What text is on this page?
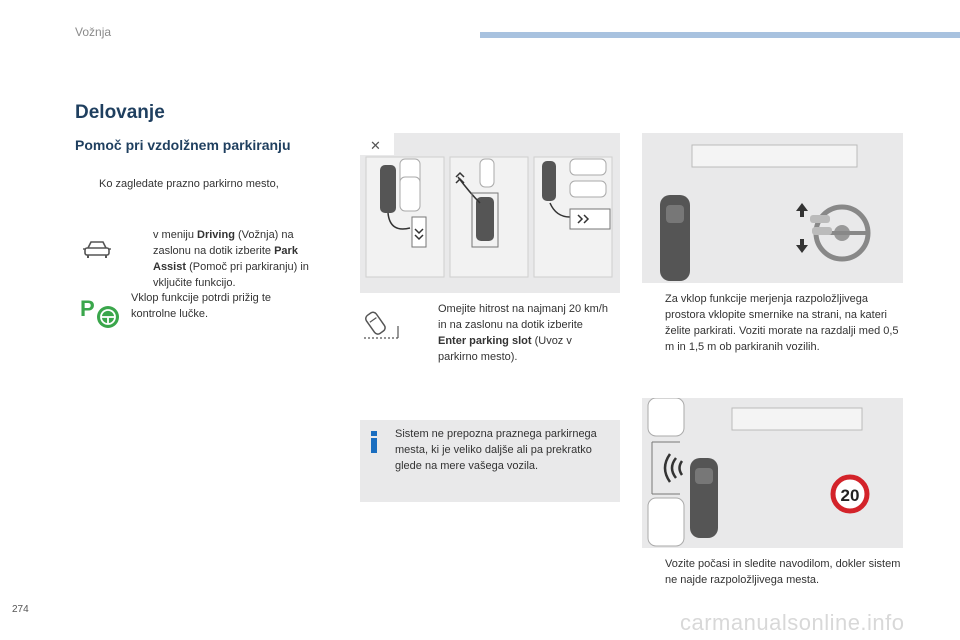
Vožnja
Delovanje
Pomoč pri vzdolžnem parkiranju
Ko zagledate prazno parkirno mesto,
v meniju Driving (Vožnja) na zaslonu na dotik izberite Park Assist (Pomoč pri parkiranju) in vključite funkcijo.
Vklop funkcije potrdi prižig te kontrolne lučke.
P
✕
Omejite hitrost na najmanj 20 km/h in na zaslonu na dotik izberite Enter parking slot (Uvoz v parkirno mesto).
Sistem ne prepozna praznega parkirnega mesta, ki je veliko daljše ali pa prekratko glede na mere vašega vozila.
Za vklop funkcije merjenja razpoložljivega prostora vklopite smernike na strani, na kateri želite parkirati. Voziti morate na razdalji med 0,5 m in 1,5 m ob parkiranih vozilih.
20
Vozite počasi in sledite navodilom, dokler sistem ne najde razpoložljivega mesta.
274
carmanualsonline.info
